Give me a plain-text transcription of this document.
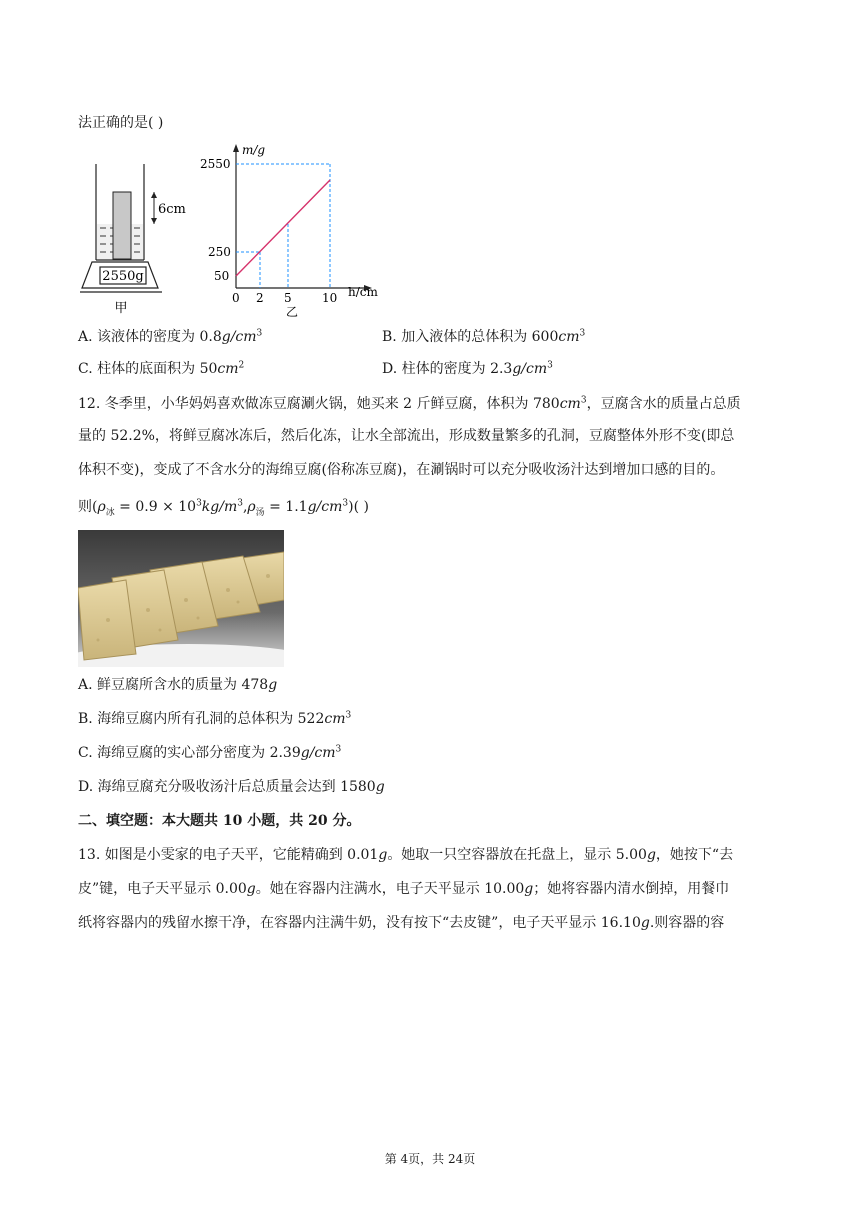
法正确的是( )
6cm
2550g
甲
m/g
h/cm
2550
250
50
0 2 5	10
乙
A. 该液体的密度为 $0.8g/cm^3$	B. 加入液体的总体积为 $600cm^3$
C. 柱体的底面积为 $50cm^2$	D. 柱体的密度为 $2.3g/cm^3$
12. 冬季里，小华妈妈喜欢做冻豆腐涮火锅，她买来 2 斤鲜豆腐，体积为 $780cm^3$，豆腐含水的质量占总质
量的 52.2%，将鲜豆腐冰冻后，然后化冻，让水全部流出，形成数量繁多的孔洞，豆腐整体外形不变(即总
体积不变)，变成了不含水分的海绵豆腐(俗称冻豆腐)，在涮锅时可以充分吸收汤汁达到增加口感的目的。
则$(\rho_冰 = 0.9 \times 10^3kg/m^3,\rho_汤 = 1.1g/cm^3)$( )
A. 鲜豆腐所含水的质量为 478g
B. 海绵豆腐内所有孔洞的总体积为 $522cm^3$
C. 海绵豆腐的实心部分密度为 $2.39g/cm^3$
D. 海绵豆腐充分吸收汤汁后总质量会达到 1580g
二、填空题：本大题共 10 小题，共 20 分。
13. 如图是小雯家的电子天平，它能精确到 0.01g。她取一只空容器放在托盘上，显示 5.00g，她按下“去
皮”键，电子天平显示 0.00g。她在容器内注满水，电子天平显示 10.00g；她将容器内清水倒掉，用餐巾
纸将容器内的残留水擦干净，在容器内注满牛奶，没有按下“去皮键”，电子天平显示 16.10g.则容器的容
第 4页，共 24页
